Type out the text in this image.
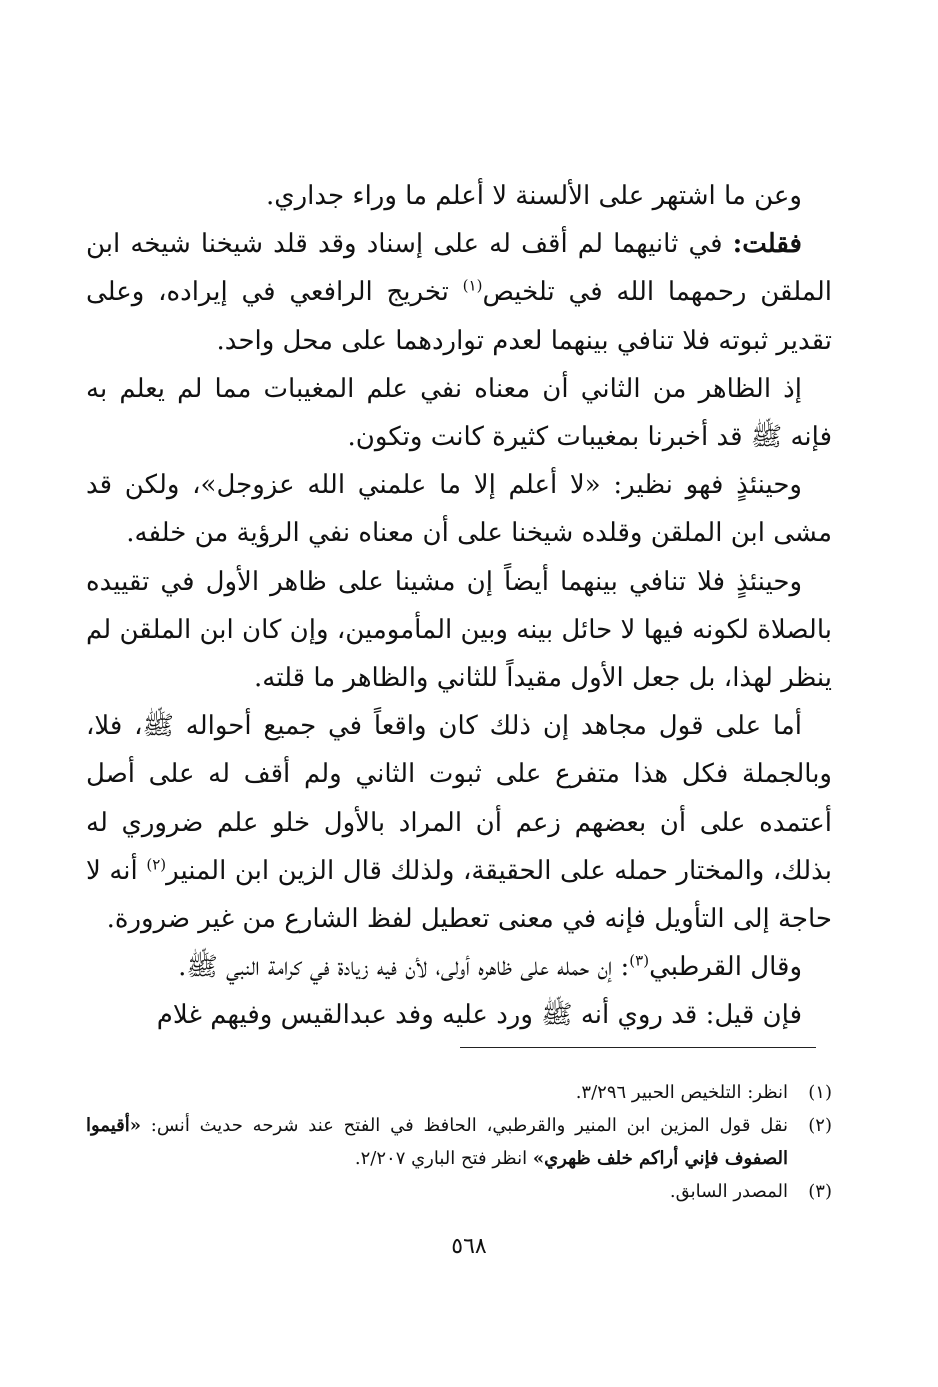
وعن ما اشتهر على الألسنة لا أعلم ما وراء جداري.

فقلت: في ثانيهما لم أقف له على إسناد وقد قلد شيخنا شيخه ابن الملقن رحمهما الله في تلخيص$^{(١)}$ تخريج الرافعي في إيراده، وعلى تقدير ثبوته فلا تنافي بينهما لعدم تواردهما على محل واحد.

إذ الظاهر من الثاني أن معناه نفي علم المغيبات مما لم يعلم به فإنه ﷺ قد أخبرنا بمغيبات كثيرة كانت وتكون.

وحينئذٍ فهو نظير: «لا أعلم إلا ما علمني الله عزوجل»، ولكن قد مشى ابن الملقن وقلده شيخنا على أن معناه نفي الرؤية من خلفه.

وحينئذٍ فلا تنافي بينهما أيضاً إن مشينا على ظاهر الأول في تقييده بالصلاة لكونه فيها لا حائل بينه وبين المأمومين، وإن كان ابن الملقن لم ينظر لهذا، بل جعل الأول مقيداً للثاني والظاهر ما قلته.

أما على قول مجاهد إن ذلك كان واقعاً في جميع أحواله ﷺ، فلا، وبالجملة فكل هذا متفرع على ثبوت الثاني ولم أقف له على أصل أعتمده على أن بعضهم زعم أن المراد بالأول خلو علم ضروري له بذلك، والمختار حمله على الحقيقة، ولذلك قال الزين ابن المنير$^{(٢)}$ أنه لا حاجة إلى التأويل فإنه في معنى تعطيل لفظ الشارع من غير ضرورة.

وقال القرطبي$^{(٣)}$: إن حمله على ظاهره أولى، لأن فيه زيادة في كرامة النبي ﷺ.

فإن قيل: قد روي أنه ﷺ ورد عليه وفد عبدالقيس وفيهم غلام

(١)
انظر: التلخيص الحبير ٣/٢٩٦.
(٢)
نقل قول المزين ابن المنير والقرطبي، الحافظ في الفتح عند شرحه حديث أنس: «أقيموا الصفوف فإني أراكم خلف ظهري» انظر فتح الباري ٢/٢٠٧.
(٣)
المصدر السابق.
٥٦٨
